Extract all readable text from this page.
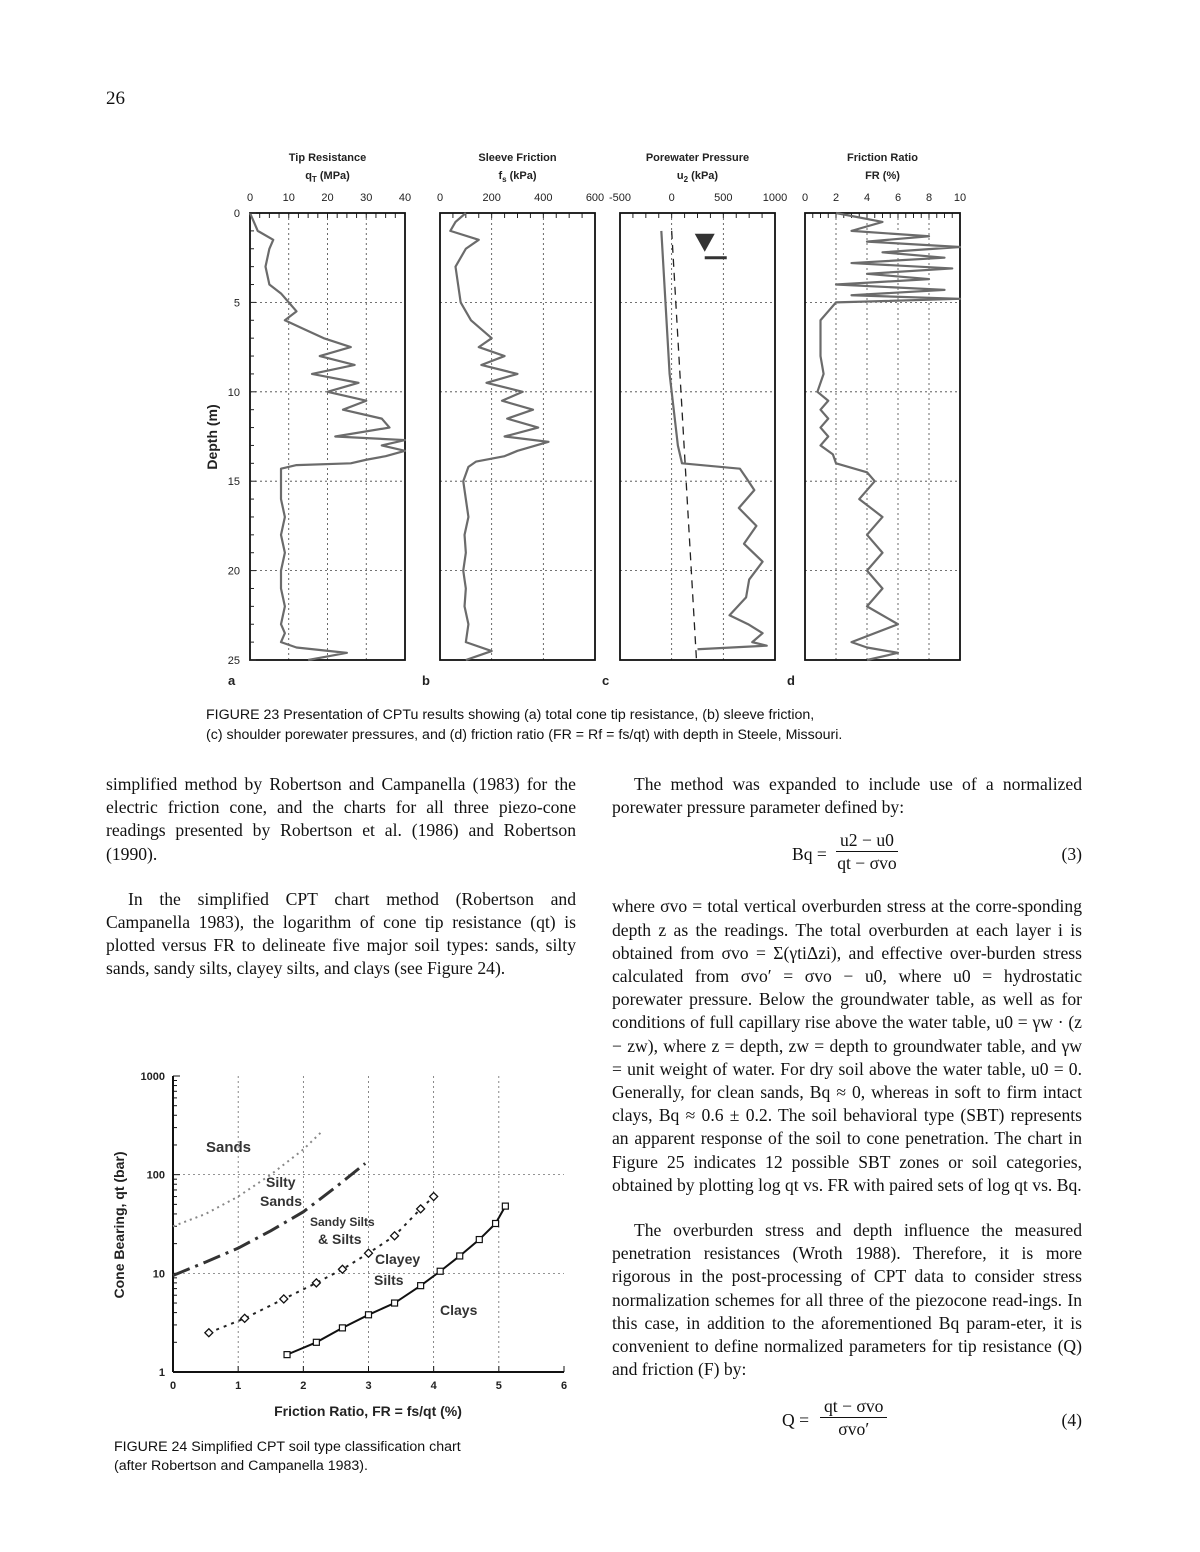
26
Tip Resistance
$q_T$ (MPa)
0	10 20 30 40
a
Sleeve Friction
$f_s$ (kPa)
0	200	400	600
b
Porewater Pressure
$u_2$ (kPa)
-500	0	500	1000
c
Friction Ratio
FR (%)
0 2 4 6 8 10
d
0
5
10
15
20
25
Depth (m)
FIGURE 23 Presentation of CPTu results showing (a) total cone tip resistance, (b) sleeve friction,
(c) shoulder porewater pressures, and (d) friction ratio (FR = Rf = fs/qt) with depth in Steele, Missouri.

simplified method by Robertson and Campanella (1983) for the electric friction cone, and the charts for all three piezo-cone readings presented by Robertson et al. (1986) and Robertson (1990).

In the simplified CPT chart method (Robertson and Campanella 1983), the logarithm of cone tip resistance (qt) is plotted versus FR to delineate five major soil types: sands, silty sands, sandy silts, clayey silts, and clays (see Figure 24).

1
10
100
1000
0	1	2	3	4	5	6
Friction Ratio, FR = fs/qt (%)
Cone Bearing, qt (bar)
Sands
Silty
Sands
Sandy Silts
& Silts
Clayey
Silts
Clays
FIGURE 24 Simplified CPT soil type classification chart
(after Robertson and Campanella 1983).

The method was expanded to include use of a normalized porewater pressure parameter defined by:

Bq =
u2 − u0
qt − σvo	(3)

where σvo = total vertical overburden stress at the corre-sponding depth z as the readings. The total overburden at each layer i is obtained from σvo = Σ(γtiΔzi), and effective over-burden stress calculated from σvo′ = σvo − u0, where u0 = hydrostatic porewater pressure. Below the groundwater table, as well as for conditions of full capillary rise above the water table, u0 = γw · (z − zw), where z = depth, zw = depth to groundwater table, and γw = unit weight of water. For dry soil above the water table, u0 = 0. Generally, for clean sands, Bq ≈ 0, whereas in soft to firm intact clays, Bq ≈ 0.6 ± 0.2. The soil behavioral type (SBT) represents an apparent response of the soil to cone penetration. The chart in Figure 25 indicates 12 possible SBT zones or soil categories, obtained by plotting log qt vs. FR with paired sets of log qt vs. Bq.

The overburden stress and depth influence the measured penetration resistances (Wroth 1988). Therefore, it is more rigorous in the post-processing of CPT data to consider stress normalization schemes for all three of the piezocone read-ings. In this case, in addition to the aforementioned Bq param-eter, it is convenient to define normalized parameters for tip resistance (Q) and friction (F) by:

Q =
qt − σvo
σvo′	(4)
